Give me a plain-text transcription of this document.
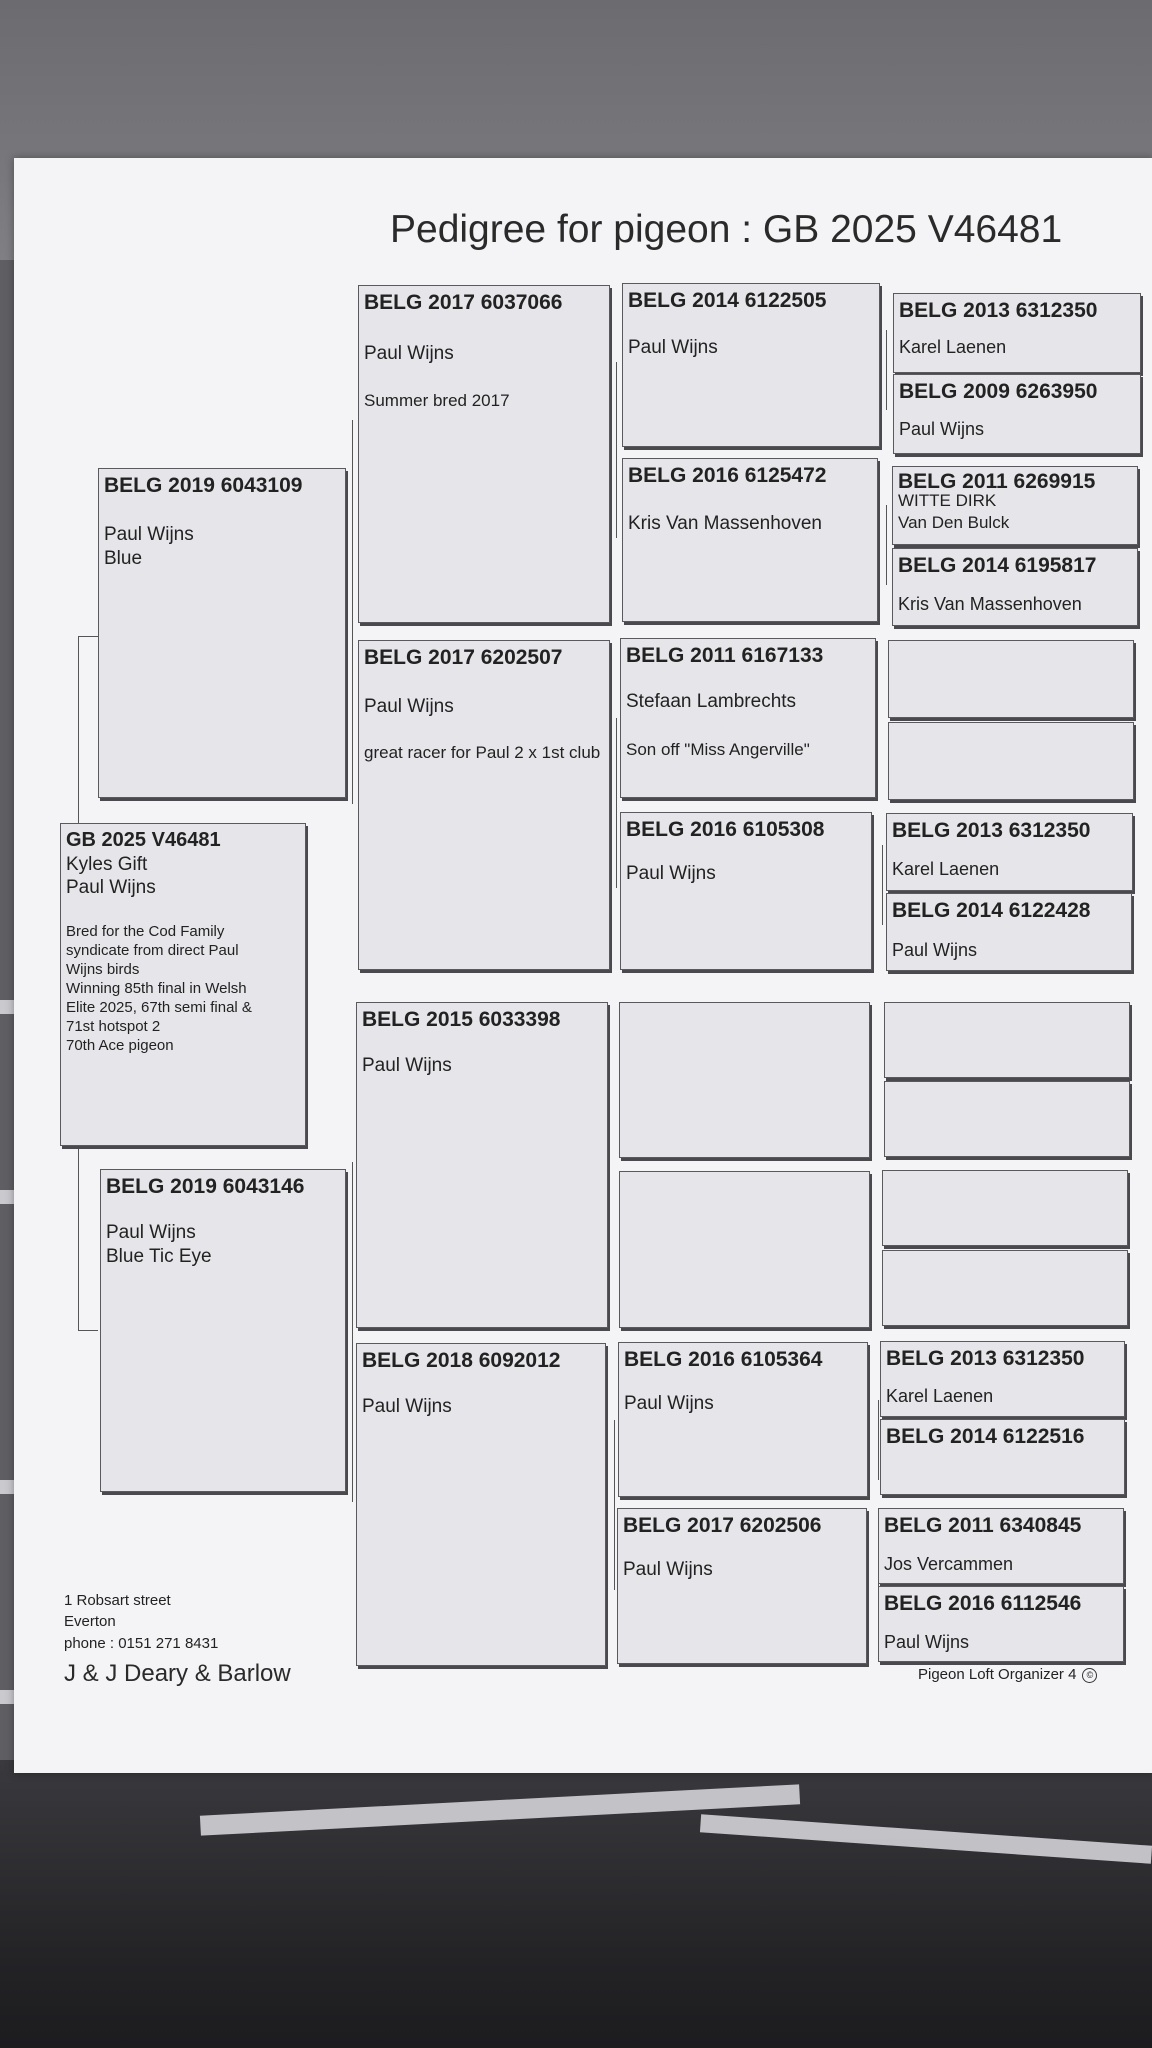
Pedigree for pigeon : GB 2025 V46481
GB 2025 V46481
Kyles Gift
Paul Wijns
Bred for the Cod Family
syndicate from direct Paul
Wijns birds
Winning 85th final in Welsh
Elite 2025, 67th semi final &
71st hotspot 2
70th Ace pigeon
BELG 2019 6043109
Paul Wijns
Blue
BELG 2019 6043146
Paul Wijns
Blue Tic Eye
BELG 2017 6037066
Paul Wijns
Summer bred 2017
BELG 2017 6202507
Paul Wijns
great racer for Paul 2 x 1st club
BELG 2015 6033398
Paul Wijns
BELG 2018 6092012
Paul Wijns
BELG 2014 6122505
Paul Wijns
BELG 2016 6125472
Kris Van Massenhoven
BELG 2011 6167133
Stefaan Lambrechts
Son off "Miss Angerville"
BELG 2016 6105308
Paul Wijns
BELG 2016 6105364
Paul Wijns
BELG 2017 6202506
Paul Wijns
BELG 2013 6312350
Karel Laenen
BELG 2009 6263950
Paul Wijns
BELG 2011 6269915
WITTE DIRK
Van Den Bulck
BELG 2014 6195817
Kris Van Massenhoven
BELG 2013 6312350
Karel Laenen
BELG 2014 6122428
Paul Wijns
BELG 2013 6312350
Karel Laenen
BELG 2014 6122516
BELG 2011 6340845
Jos Vercammen
BELG 2016 6112546
Paul Wijns
1 Robsart street
Everton
phone : 0151 271 8431
J & J Deary & Barlow	Pigeon Loft Organizer 4 ©
